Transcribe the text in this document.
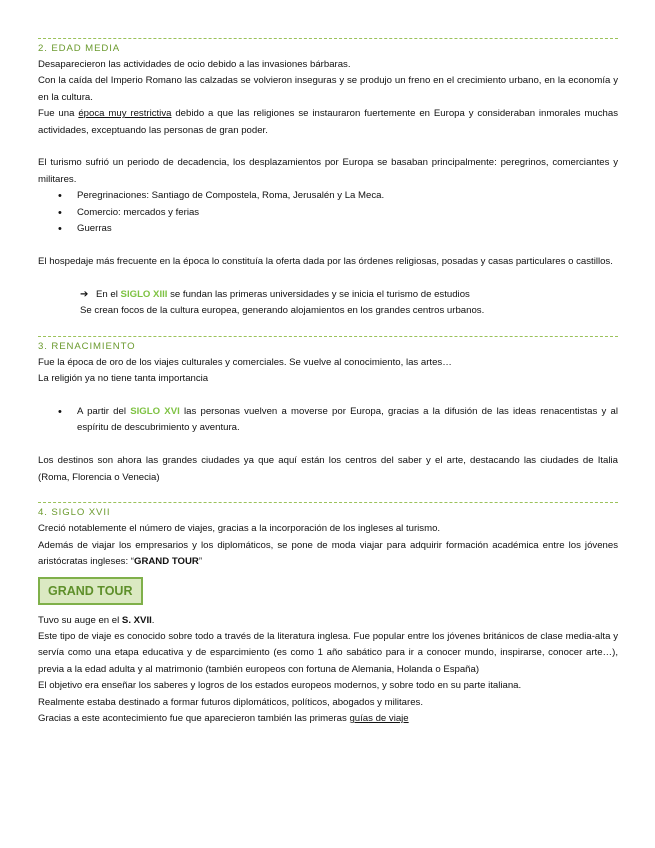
2. EDAD MEDIA

Desaparecieron las actividades de ocio debido a las invasiones bárbaras.

Con la caída del Imperio Romano las calzadas se volvieron inseguras y se produjo un freno en el crecimiento urbano, en la economía y en la cultura.

Fue una época muy restrictiva debido a que las religiones se instauraron fuertemente en Europa y consideraban inmorales muchas actividades, exceptuando las personas de gran poder.

El turismo sufrió un periodo de decadencia, los desplazamientos por Europa se basaban principalmente: peregrinos, comerciantes y militares.

• Peregrinaciones: Santiago de Compostela, Roma, Jerusalén y La Meca.
• Comercio: mercados y ferias
• Guerras

El hospedaje más frecuente en la época lo constituía la oferta dada por las órdenes religiosas, posadas y casas particulares o castillos.

➔ En el SIGLO XIII se fundan las primeras universidades y se inicia el turismo de estudios
Se crean focos de la cultura europea, generando alojamientos en los grandes centros urbanos.
3. RENACIMIENTO

Fue la época de oro de los viajes culturales y comerciales. Se vuelve al conocimiento, las artes…

La religión ya no tiene tanta importancia

• A partir del SIGLO XVI las personas vuelven a moverse por Europa, gracias a la difusión de las ideas renacentistas y al espíritu de descubrimiento y aventura.

Los destinos son ahora las grandes ciudades ya que aquí están los centros del saber y el arte, destacando las ciudades de Italia (Roma, Florencia o Venecia)

4. SIGLO XVII

Creció notablemente el número de viajes, gracias a la incorporación de los ingleses al turismo.

Además de viajar los empresarios y los diplomáticos, se pone de moda viajar para adquirir formación académica entre los jóvenes aristócratas ingleses: “GRAND TOUR”

GRAND TOUR

Tuvo su auge en el S. XVII.

Este tipo de viaje es conocido sobre todo a través de la literatura inglesa. Fue popular entre los jóvenes británicos de clase media-alta y servía como una etapa educativa y de esparcimiento (es como 1 año sabático para ir a conocer mundo, inspirarse, conocer arte…), previa a la edad adulta y al matrimonio (también europeos con fortuna de Alemania, Holanda o España)

El objetivo era enseñar los saberes y logros de los estados europeos modernos, y sobre todo en su parte italiana.

Realmente estaba destinado a formar futuros diplomáticos, políticos, abogados y militares.

Gracias a este acontecimiento fue que aparecieron también las primeras guías de viaje
